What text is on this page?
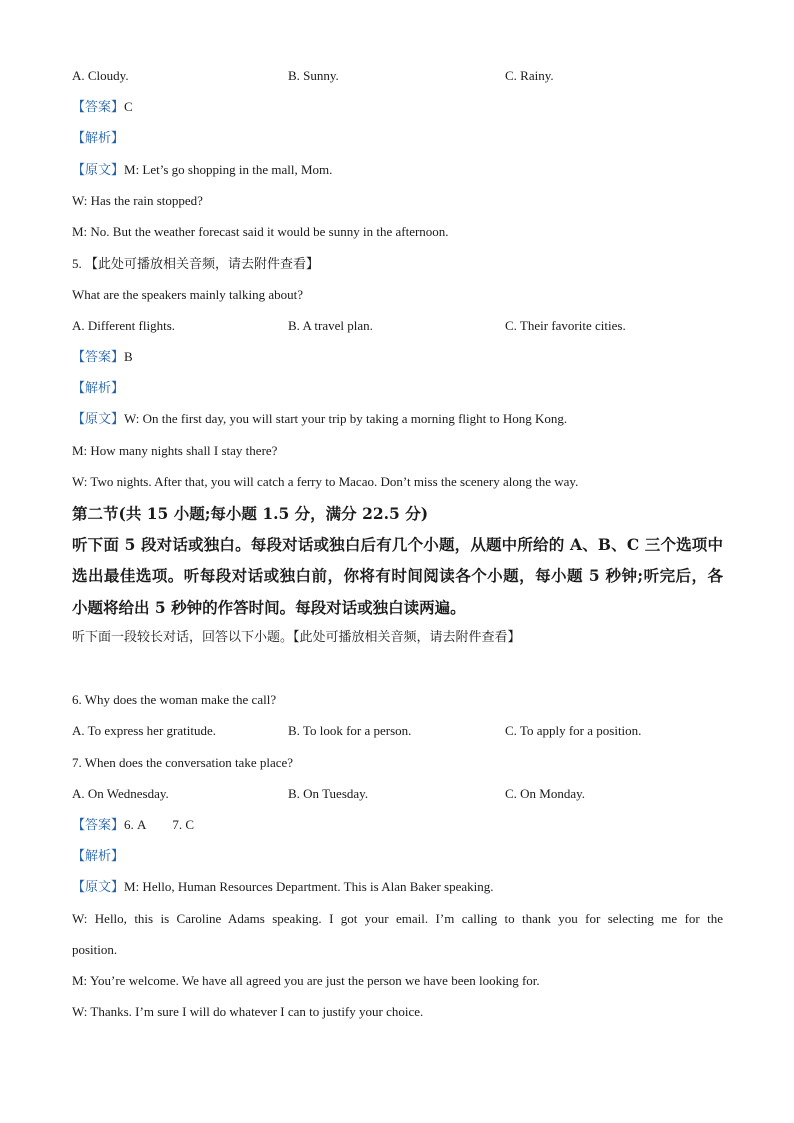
A. Cloudy.	B. Sunny.	C. Rainy.
【答案】C
【解析】
【原文】M: Let’s go shopping in the mall, Mom.
W: Has the rain stopped?
M: No. But the weather forecast said it would be sunny in the afternoon.
5. 【此处可播放相关音频，请去附件查看】
What are the speakers mainly talking about?
A. Different flights.	B. A travel plan.	C. Their favorite cities.
【答案】B
【解析】
【原文】W: On the first day, you will start your trip by taking a morning flight to Hong Kong.
M: How many nights shall I stay there?
W: Two nights. After that, you will catch a ferry to Macao. Don’t miss the scenery along the way.
第二节(共 15 小题;每小题 1.5 分，满分 22.5 分)
听下面 5 段对话或独白。每段对话或独白后有几个小题，从题中所给的 A、B、C 三个选项中
选出最佳选项。听每段对话或独白前，你将有时间阅读各个小题，每小题 5 秒钟;听完后，各
小题将给出 5 秒钟的作答时间。每段对话或独白读两遍。
听下面一段较长对话，回答以下小题。【此处可播放相关音频，请去附件查看】
6. Why does the woman make the call?
A. To express her gratitude.	B. To look for a person.	C. To apply for a position.
7. When does the conversation take place?
A. On Wednesday.	B. On Tuesday.	C. On Monday.
【答案】6. A 7. C
【解析】
【原文】M: Hello, Human Resources Department. This is Alan Baker speaking.
W: Hello, this is Caroline Adams speaking. I got your email. I’m calling to thank you for selecting me for the
position.
M: You’re welcome. We have all agreed you are just the person we have been looking for.
W: Thanks. I’m sure I will do whatever I can to justify your choice.
